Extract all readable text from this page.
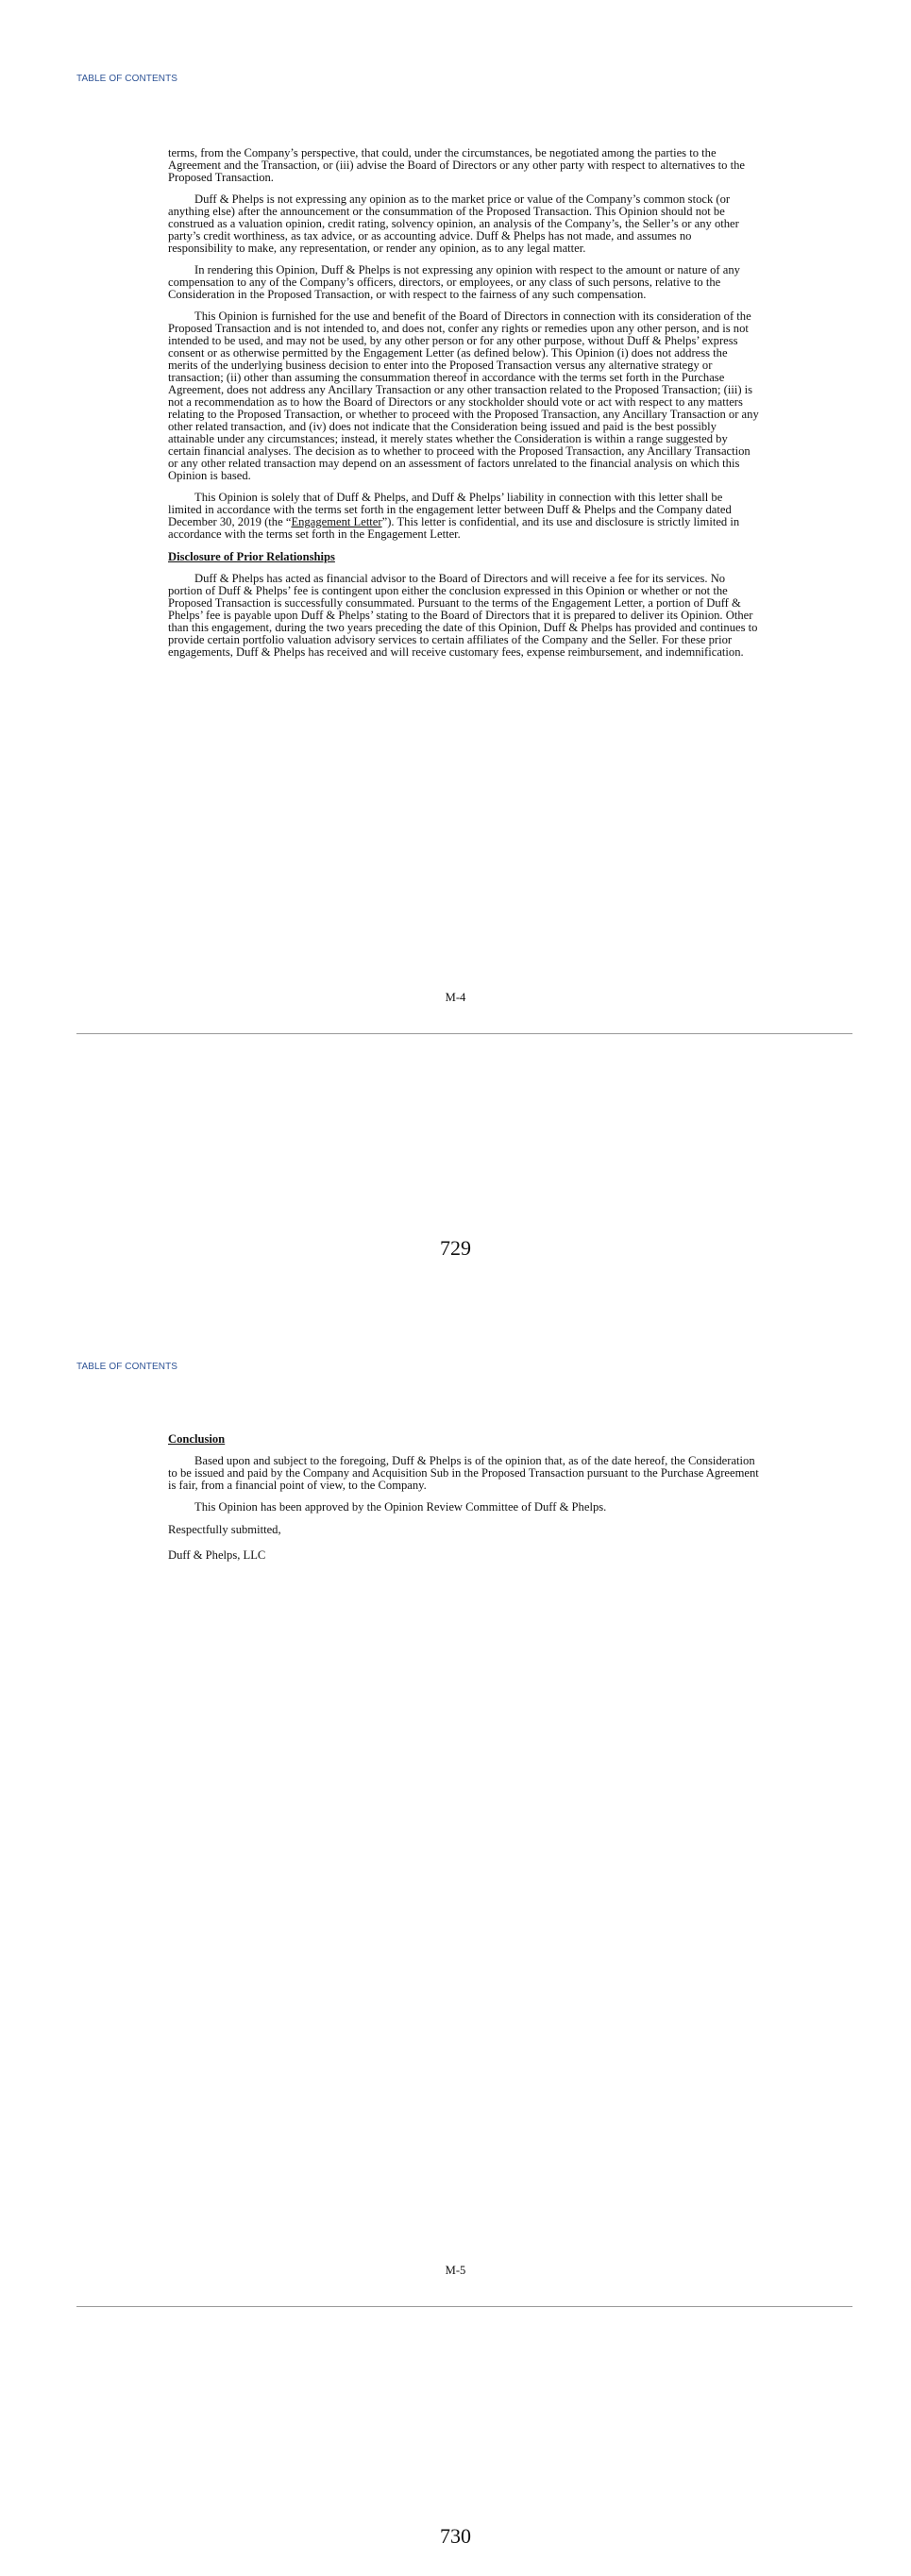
TABLE OF CONTENTS

terms, from the Company’s perspective, that could, under the circumstances, be negotiated among the parties to the Agreement and the Transaction, or (iii) advise the Board of Directors or any other party with respect to alternatives to the Proposed Transaction.

Duff & Phelps is not expressing any opinion as to the market price or value of the Company’s common stock (or anything else) after the announcement or the consummation of the Proposed Transaction. This Opinion should not be construed as a valuation opinion, credit rating, solvency opinion, an analysis of the Company’s, the Seller’s or any other party’s credit worthiness, as tax advice, or as accounting advice. Duff & Phelps has not made, and assumes no responsibility to make, any representation, or render any opinion, as to any legal matter.

In rendering this Opinion, Duff & Phelps is not expressing any opinion with respect to the amount or nature of any compensation to any of the Company’s officers, directors, or employees, or any class of such persons, relative to the Consideration in the Proposed Transaction, or with respect to the fairness of any such compensation.

This Opinion is furnished for the use and benefit of the Board of Directors in connection with its consideration of the Proposed Transaction and is not intended to, and does not, confer any rights or remedies upon any other person, and is not intended to be used, and may not be used, by any other person or for any other purpose, without Duff & Phelps’ express consent or as otherwise permitted by the Engagement Letter (as defined below). This Opinion (i) does not address the merits of the underlying business decision to enter into the Proposed Transaction versus any alternative strategy or transaction; (ii) other than assuming the consummation thereof in accordance with the terms set forth in the Purchase Agreement, does not address any Ancillary Transaction or any other transaction related to the Proposed Transaction; (iii) is not a recommendation as to how the Board of Directors or any stockholder should vote or act with respect to any matters relating to the Proposed Transaction, or whether to proceed with the Proposed Transaction, any Ancillary Transaction or any other related transaction, and (iv) does not indicate that the Consideration being issued and paid is the best possibly attainable under any circumstances; instead, it merely states whether the Consideration is within a range suggested by certain financial analyses. The decision as to whether to proceed with the Proposed Transaction, any Ancillary Transaction or any other related transaction may depend on an assessment of factors unrelated to the financial analysis on which this Opinion is based.

This Opinion is solely that of Duff & Phelps, and Duff & Phelps’ liability in connection with this letter shall be limited in accordance with the terms set forth in the engagement letter between Duff & Phelps and the Company dated December 30, 2019 (the “Engagement Letter”). This letter is confidential, and its use and disclosure is strictly limited in accordance with the terms set forth in the Engagement Letter.

Disclosure of Prior Relationships

Duff & Phelps has acted as financial advisor to the Board of Directors and will receive a fee for its services. No portion of Duff & Phelps’ fee is contingent upon either the conclusion expressed in this Opinion or whether or not the Proposed Transaction is successfully consummated. Pursuant to the terms of the Engagement Letter, a portion of Duff & Phelps’ fee is payable upon Duff & Phelps’ stating to the Board of Directors that it is prepared to deliver its Opinion. Other than this engagement, during the two years preceding the date of this Opinion, Duff & Phelps has provided and continues to provide certain portfolio valuation advisory services to certain affiliates of the Company and the Seller. For these prior engagements, Duff & Phelps has received and will receive customary fees, expense reimbursement, and indemnification.

M-4
729
TABLE OF CONTENTS

Conclusion

Based upon and subject to the foregoing, Duff & Phelps is of the opinion that, as of the date hereof, the Consideration to be issued and paid by the Company and Acquisition Sub in the Proposed Transaction pursuant to the Purchase Agreement is fair, from a financial point of view, to the Company.

This Opinion has been approved by the Opinion Review Committee of Duff & Phelps.

Respectfully submitted,

Duff & Phelps, LLC

M-5
730
